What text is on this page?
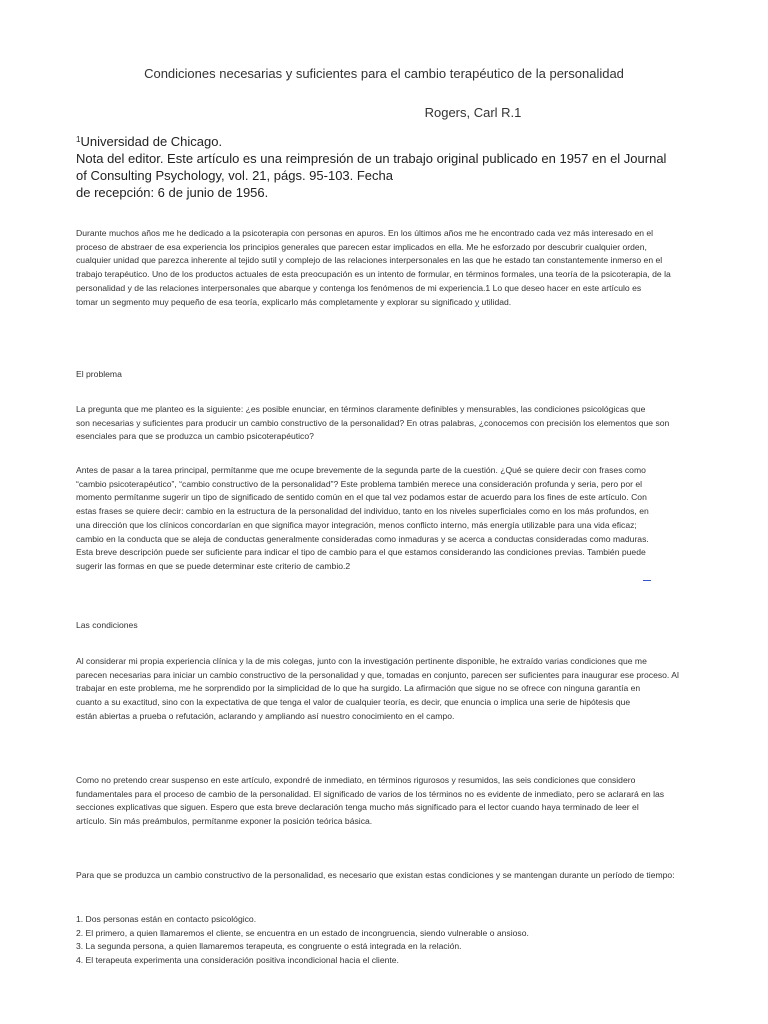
Condiciones necesarias y suficientes para el cambio terapéutico de la personalidad
Rogers, Carl R.1
$^1$Universidad de Chicago.
Nota del editor. Este artículo es una reimpresión de un trabajo original publicado en 1957 en el Journal
of Consulting Psychology, vol. 21, págs. 95-103. Fecha
de recepción: 6 de junio de 1956.
Durante muchos años me he dedicado a la psicoterapia con personas en apuros. En los últimos años me he encontrado cada vez más interesado en el
proceso de abstraer de esa experiencia los principios generales que parecen estar implicados en ella. Me he esforzado por descubrir cualquier orden,
cualquier unidad que parezca inherente al tejido sutil y complejo de las relaciones interpersonales en las que he estado tan constantemente inmerso en el
trabajo terapéutico. Uno de los productos actuales de esta preocupación es un intento de formular, en términos formales, una teoría de la psicoterapia, de la
personalidad y de las relaciones interpersonales que abarque y contenga los fenómenos de mi experiencia.1 Lo que deseo hacer en este artículo es
tomar un segmento muy pequeño de esa teoría, explicarlo más completamente y explorar su significado y utilidad.
El problema
La pregunta que me planteo es la siguiente: ¿es posible enunciar, en términos claramente definibles y mensurables, las condiciones psicológicas que
son necesarias y suficientes para producir un cambio constructivo de la personalidad? En otras palabras, ¿conocemos con precisión los elementos que son
esenciales para que se produzca un cambio psicoterapéutico?
Antes de pasar a la tarea principal, permítanme que me ocupe brevemente de la segunda parte de la cuestión. ¿Qué se quiere decir con frases como
“cambio psicoterapéutico”, “cambio constructivo de la personalidad”? Este problema también merece una consideración profunda y seria, pero por el
momento permítanme sugerir un tipo de significado de sentido común en el que tal vez podamos estar de acuerdo para los fines de este artículo. Con
estas frases se quiere decir: cambio en la estructura de la personalidad del individuo, tanto en los niveles superficiales como en los más profundos, en
una dirección que los clínicos concordarían en que significa mayor integración, menos conflicto interno, más energía utilizable para una vida eficaz;
cambio en la conducta que se aleja de conductas generalmente consideradas como inmaduras y se acerca a conductas consideradas como maduras.
Esta breve descripción puede ser suficiente para indicar el tipo de cambio para el que estamos considerando las condiciones previas. También puede
sugerir las formas en que se puede determinar este criterio de cambio.2
Las condiciones
Al considerar mi propia experiencia clínica y la de mis colegas, junto con la investigación pertinente disponible, he extraído varias condiciones que me
parecen necesarias para iniciar un cambio constructivo de la personalidad y que, tomadas en conjunto, parecen ser suficientes para inaugurar ese proceso. Al
trabajar en este problema, me he sorprendido por la simplicidad de lo que ha surgido. La afirmación que sigue no se ofrece con ninguna garantía en
cuanto a su exactitud, sino con la expectativa de que tenga el valor de cualquier teoría, es decir, que enuncia o implica una serie de hipótesis que
están abiertas a prueba o refutación, aclarando y ampliando así nuestro conocimiento en el campo.
Como no pretendo crear suspenso en este artículo, expondré de inmediato, en términos rigurosos y resumidos, las seis condiciones que considero
fundamentales para el proceso de cambio de la personalidad. El significado de varios de los términos no es evidente de inmediato, pero se aclarará en las
secciones explicativas que siguen. Espero que esta breve declaración tenga mucho más significado para el lector cuando haya terminado de leer el
artículo. Sin más preámbulos, permítanme exponer la posición teórica básica.
Para que se produzca un cambio constructivo de la personalidad, es necesario que existan estas condiciones y se mantengan durante un período de tiempo:
1. Dos personas están en contacto psicológico.
2. El primero, a quien llamaremos el cliente, se encuentra en un estado de incongruencia, siendo vulnerable o ansioso.
3. La segunda persona, a quien llamaremos terapeuta, es congruente o está integrada en la relación.
4. El terapeuta experimenta una consideración positiva incondicional hacia el cliente.
